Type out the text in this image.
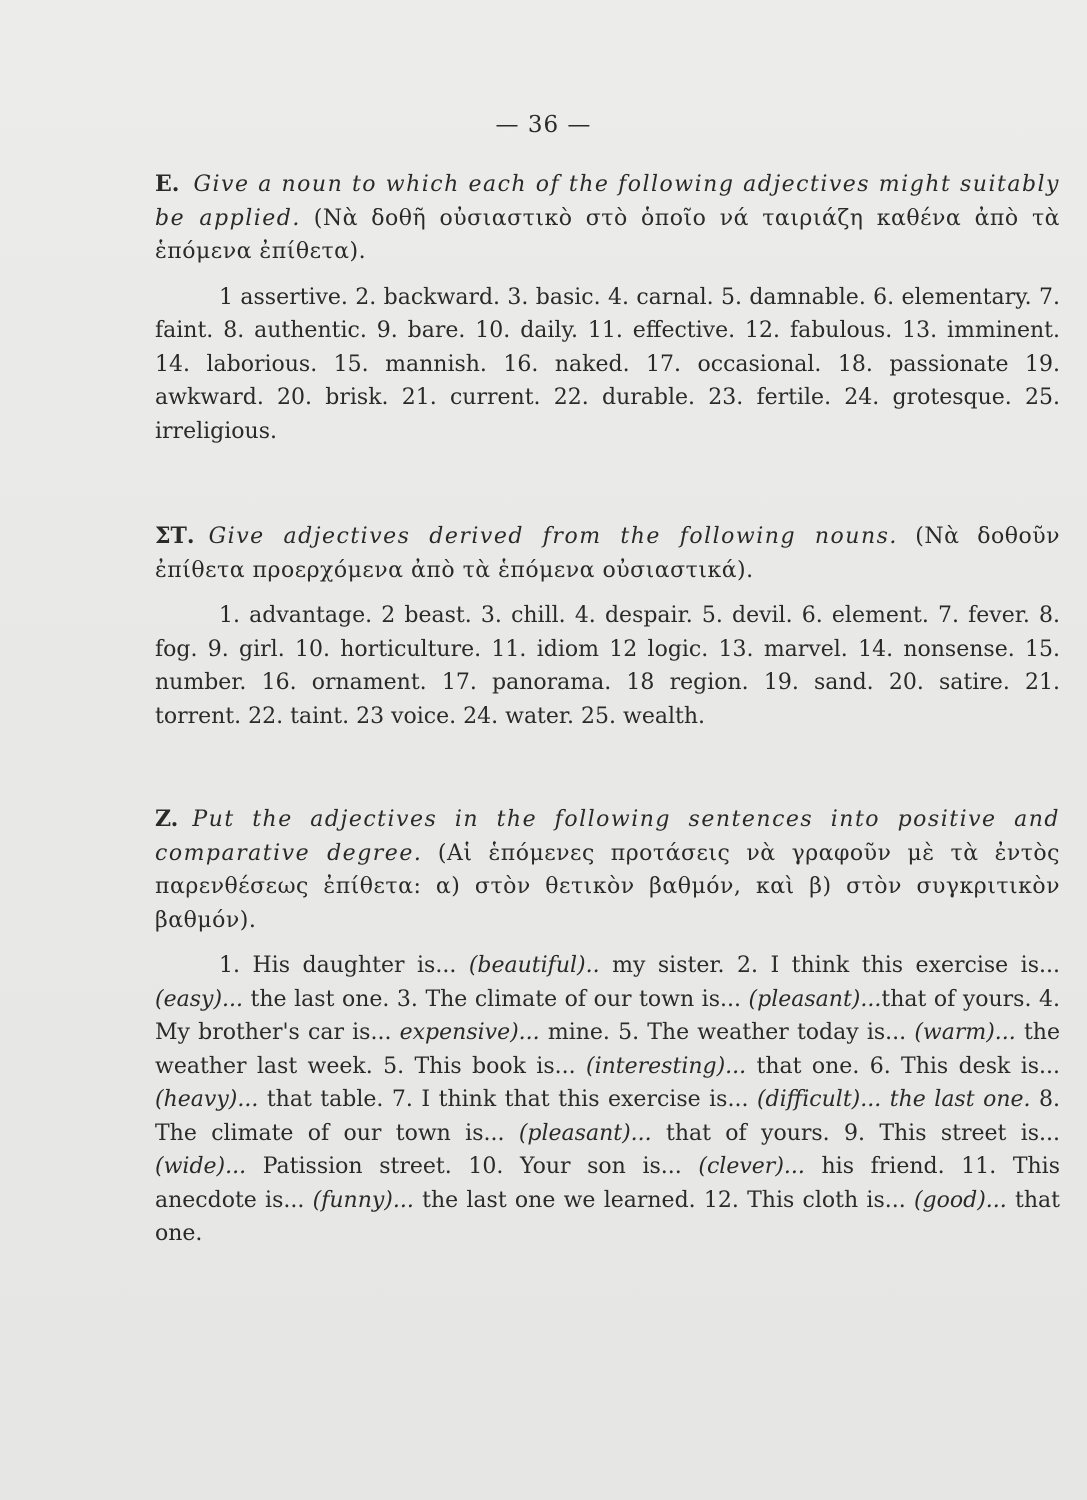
— 36 —

E. Give a noun to which each of the following adjectives might suitably be applied. (Νὰ δοθῆ οὐσιαστικὸ στὸ ὁποῖο νά ταιριάζη καθένα ἀπὸ τὰ ἑπόμενα ἐπίθετα).

1 assertive. 2. backward. 3. basic. 4. carnal. 5. damnable. 6. elementary. 7. faint. 8. authentic. 9. bare. 10. daily. 11. effective. 12. fabulous. 13. imminent. 14. laborious. 15. mannish. 16. naked. 17. occasional. 18. passionate 19. awkward. 20. brisk. 21. current. 22. durable. 23. fertile. 24. grotesque. 25. irreligious.

ΣΤ. Give adjectives derived from the following nouns. (Νὰ δοθοῦν ἐπίθετα προερχόμενα ἀπὸ τὰ ἑπόμενα οὐσιαστικά).

1. advantage. 2 beast. 3. chill. 4. despair. 5. devil. 6. element. 7. fever. 8. fog. 9. girl. 10. horticulture. 11. idiom 12 logic. 13. marvel. 14. nonsense. 15. number. 16. ornament. 17. panorama. 18 region. 19. sand. 20. satire. 21. torrent. 22. taint. 23 voice. 24. water. 25. wealth.

Z. Put the adjectives in the following sentences into positive and comparative degree. (Αἱ ἑπόμενες προτάσεις νὰ γραφοῦν μὲ τὰ ἐντὸς παρενθέσεως ἐπίθετα: α) στὸν θετικὸν βαθμόν, καὶ β) στὸν συγκριτικὸν βαθμόν).

1. His daughter is... (beautiful).. my sister. 2. I think this exercise is...(easy)... the last one. 3. The climate of our town is... (pleasant)...that of yours. 4. My brother's car is... expensive)... mine. 5. The weather today is... (warm)... the weather last week. 5. This book is... (interesting)... that one. 6. This desk is... (heavy)... that table. 7. I think that this exercise is... (difficult)... the last one. 8. The climate of our town is... (pleasant)... that of yours. 9. This street is... (wide)... Patission street. 10. Your son is... (clever)... his friend. 11. This anecdote is... (funny)... the last one we learned. 12. This cloth is... (good)... that one.
